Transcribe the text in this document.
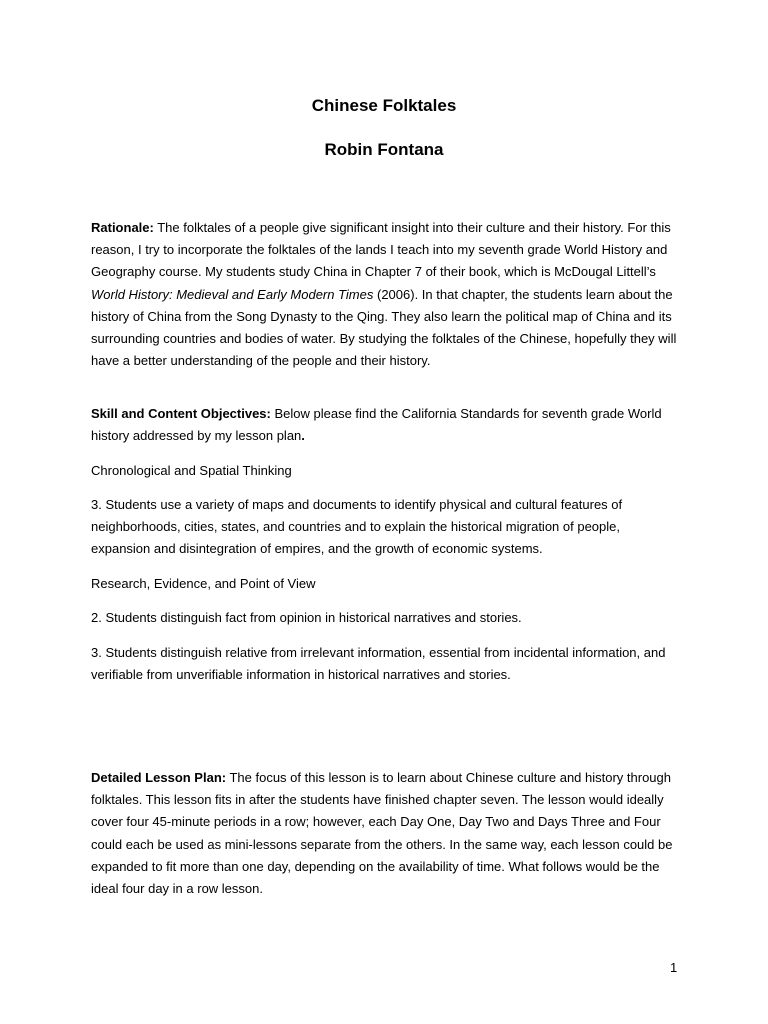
Chinese Folktales
Robin Fontana

Rationale: The folktales of a people give significant insight into their culture and their history. For this reason, I try to incorporate the folktales of the lands I teach into my seventh grade World History and Geography course. My students study China in Chapter 7 of their book, which is McDougal Littell’s World History: Medieval and Early Modern Times (2006). In that chapter, the students learn about the history of China from the Song Dynasty to the Qing. They also learn the political map of China and its surrounding countries and bodies of water. By studying the folktales of the Chinese, hopefully they will have a better understanding of the people and their history.

Skill and Content Objectives: Below please find the California Standards for seventh grade World history addressed by my lesson plan.

Chronological and Spatial Thinking

3. Students use a variety of maps and documents to identify physical and cultural features of neighborhoods, cities, states, and countries and to explain the historical migration of people, expansion and disintegration of empires, and the growth of economic systems.

Research, Evidence, and Point of View

2. Students distinguish fact from opinion in historical narratives and stories.

3. Students distinguish relative from irrelevant information, essential from incidental information, and verifiable from unverifiable information in historical narratives and stories.

Detailed Lesson Plan: The focus of this lesson is to learn about Chinese culture and history through folktales. This lesson fits in after the students have finished chapter seven. The lesson would ideally cover four 45-minute periods in a row; however, each Day One, Day Two and Days Three and Four could each be used as mini-lessons separate from the others. In the same way, each lesson could be expanded to fit more than one day, depending on the availability of time. What follows would be the ideal four day in a row lesson.

1
